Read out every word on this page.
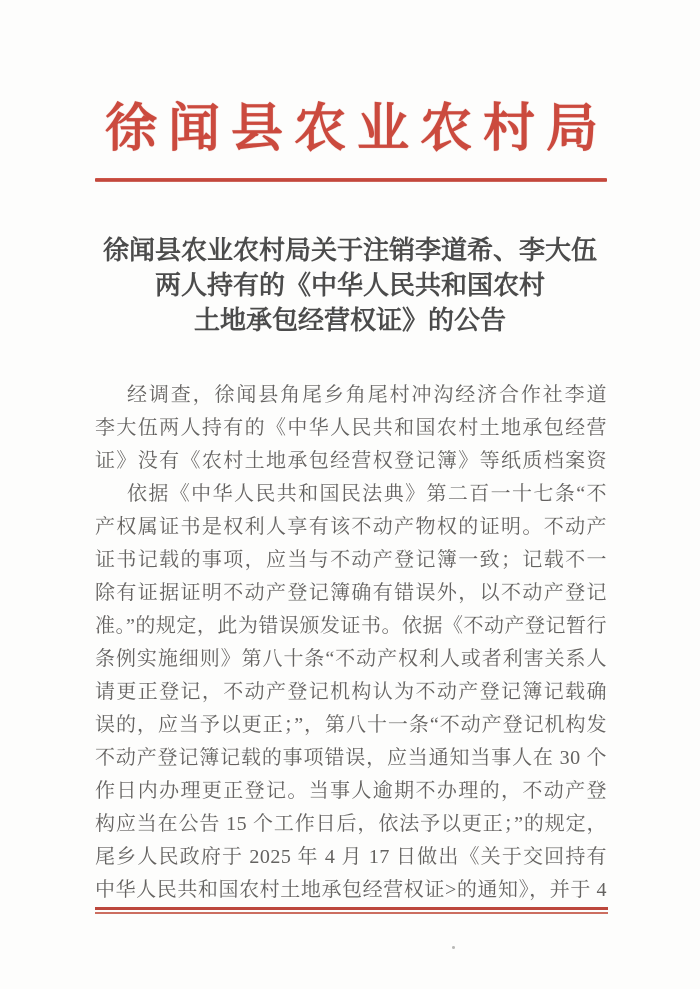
徐闻县农业农村局
徐闻县农业农村局关于注销李道希、李大伍
两人持有的《中华人民共和国农村
土地承包经营权证》的公告
经调查，徐闻县角尾乡角尾村冲沟经济合作社李道
李大伍两人持有的《中华人民共和国农村土地承包经营
证》没有《农村土地承包经营权登记簿》等纸质档案资
依据《中华人民共和国民法典》第二百一十七条“不
产权属证书是权利人享有该不动产物权的证明。不动产
证书记载的事项，应当与不动产登记簿一致；记载不一
除有证据证明不动产登记簿确有错误外，以不动产登记
准。”的规定，此为错误颁发证书。依据《不动产登记暂行
条例实施细则》第八十条“不动产权利人或者利害关系人
请更正登记，不动产登记机构认为不动产登记簿记载确
误的，应当予以更正；”，第八十一条“不动产登记机构发
不动产登记簿记载的事项错误，应当通知当事人在 30 个
作日内办理更正登记。当事人逾期不办理的，不动产登
构应当在公告 15 个工作日后，依法予以更正；”的规定，
尾乡人民政府于 2025 年 4 月 17 日做出《关于交回持有
中华人民共和国农村土地承包经营权证>的通知》，并于 4
